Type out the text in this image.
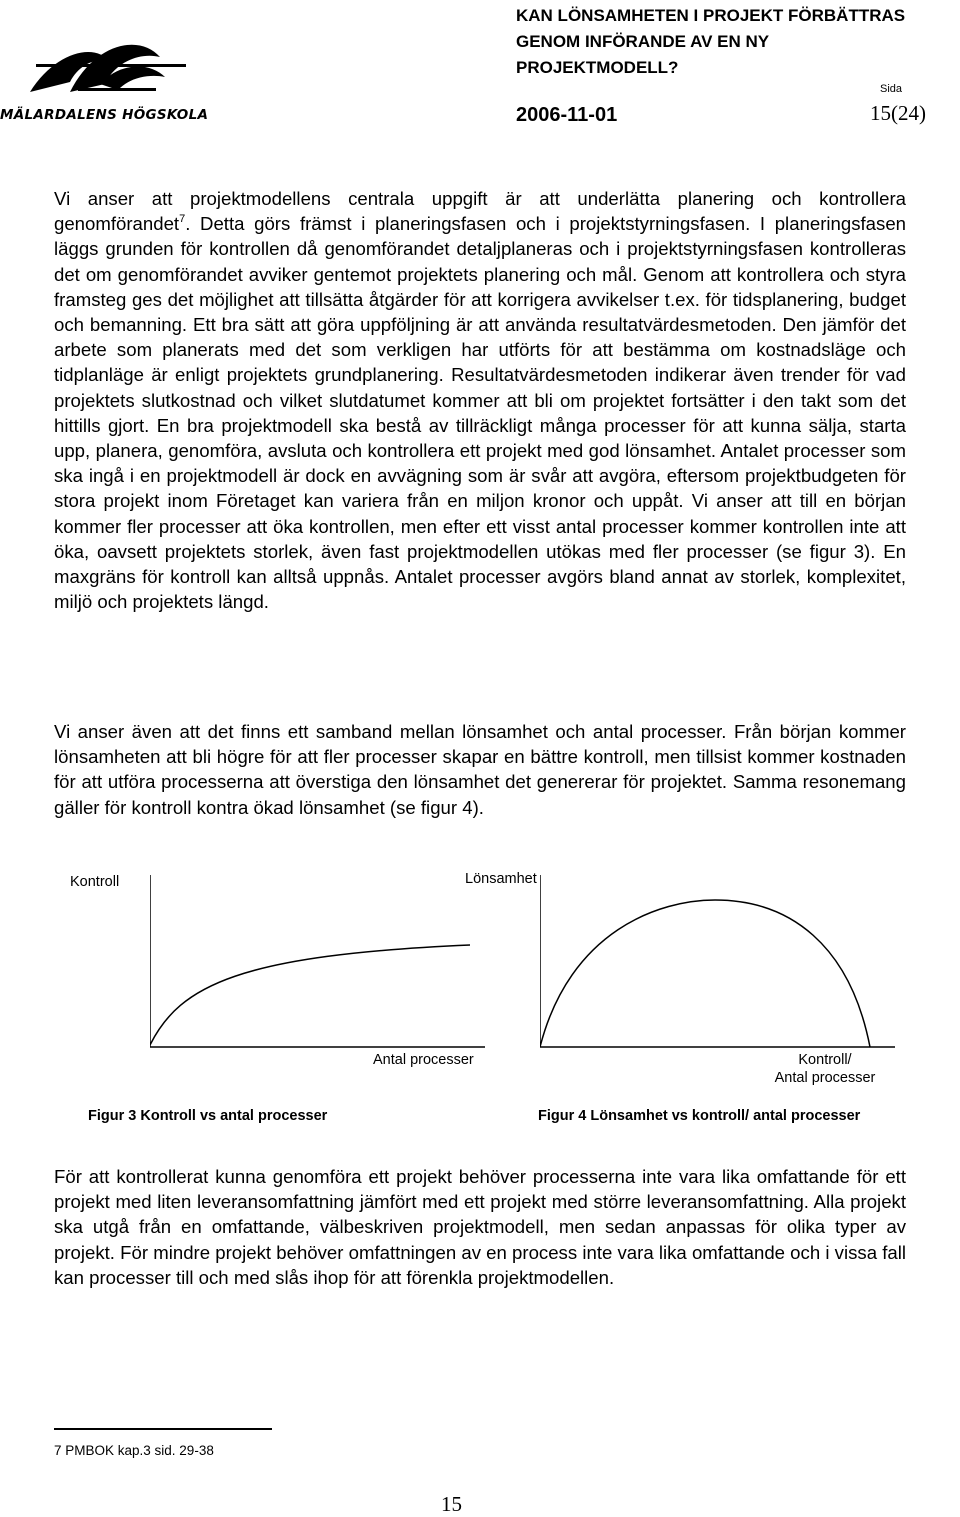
MÄLARDALENS HÖGSKOLA
KAN LÖNSAMHETEN I PROJEKT FÖRBÄTTRAS
GENOM INFÖRANDE AV EN NY
PROJEKTMODELL?
Sida
2006-11-01	15(24)
Vi anser att projektmodellens centrala uppgift är att underlätta planering och kontrollera genomförandet$^7$. Detta görs främst i planeringsfasen och i projektstyrningsfasen. I planeringsfasen läggs grunden för kontrollen då genomförandet detaljplaneras och i projektstyrningsfasen kontrolleras det om genomförandet avviker gentemot projektets planering och mål. Genom att kontrollera och styra framsteg ges det möjlighet att tillsätta åtgärder för att korrigera avvikelser t.ex. för tidsplanering, budget och bemanning. Ett bra sätt att göra uppföljning är att använda resultatvärdesmetoden. Den jämför det arbete som planerats med det som verkligen har utförts för att bestämma om kostnadsläge och tidplanläge är enligt projektets grundplanering. Resultatvärdesmetoden indikerar även trender för vad projektets slutkostnad och vilket slutdatumet kommer att bli om projektet fortsätter i den takt som det hittills gjort. En bra projektmodell ska bestå av tillräckligt många processer för att kunna sälja, starta upp, planera, genomföra, avsluta och kontrollera ett projekt med god lönsamhet. Antalet processer som ska ingå i en projektmodell är dock en avvägning som är svår att avgöra, eftersom projektbudgeten för stora projekt inom Företaget kan variera från en miljon kronor och uppåt. Vi anser att till en början kommer fler processer att öka kontrollen, men efter ett visst antal processer kommer kontrollen inte att öka, oavsett projektets storlek, även fast projektmodellen utökas med fler processer (se figur 3). En maxgräns för kontroll kan alltså uppnås. Antalet processer avgörs bland annat av storlek, komplexitet, miljö och projektets längd.
Vi anser även att det finns ett samband mellan lönsamhet och antal processer. Från början kommer lönsamheten att bli högre för att fler processer skapar en bättre kontroll, men tillsist kommer kostnaden för att utföra processerna att överstiga den lönsamhet det genererar för projektet. Samma resonemang gäller för kontroll kontra ökad lönsamhet (se figur 4).
Kontroll
Antal processer
Figur 3 Kontroll vs antal processer
Lönsamhet
Kontroll/
Antal processer
Figur 4 Lönsamhet vs kontroll/ antal processer
För att kontrollerat kunna genomföra ett projekt behöver processerna inte vara lika omfattande för ett projekt med liten leveransomfattning jämfört med ett projekt med större leveransomfattning. Alla projekt ska utgå från en omfattande, välbeskriven projektmodell, men sedan anpassas för olika typer av projekt. För mindre projekt behöver omfattningen av en process inte vara lika omfattande och i vissa fall kan processer till och med slås ihop för att förenkla projektmodellen.
7 PMBOK kap.3 sid. 29-38
15
